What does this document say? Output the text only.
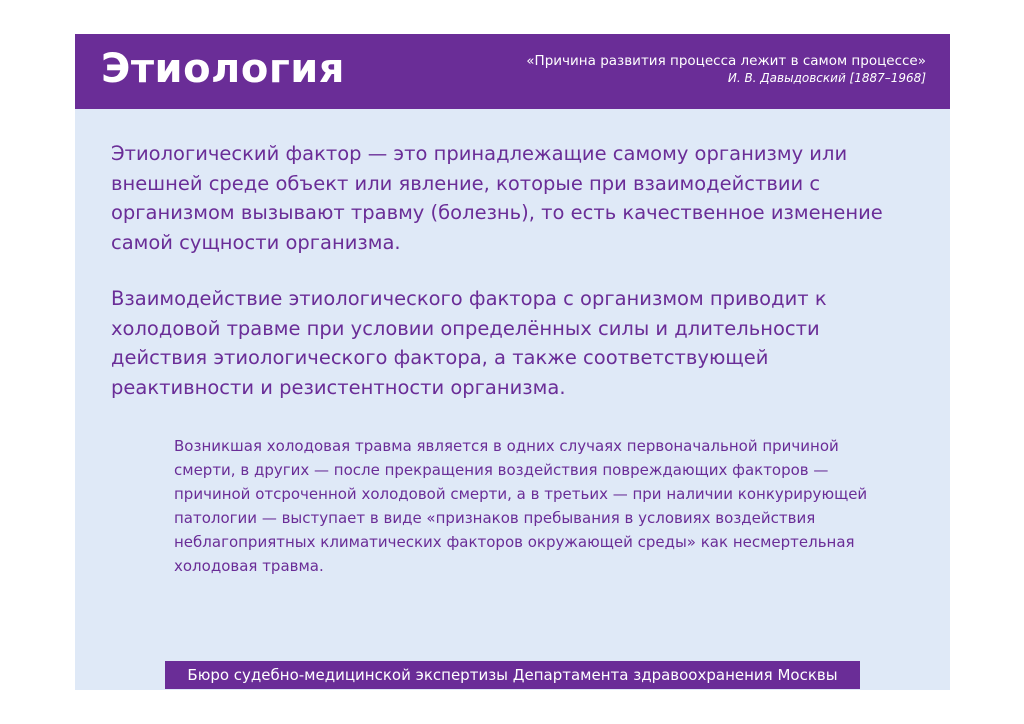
Этиология	«Причина развития процесса лежит в самом процессе»
И. В. Давыдовский [1887–1968]

Этиологический фактор — это принадлежащие самому организму или внешней среде объект или явление, которые при взаимодействии с организмом вызывают травму (болезнь), то есть качественное изменение самой сущности организма.

Взаимодействие этиологического фактора с организмом приводит к холодовой травме при условии определённых силы и длительности действия этиологического фактора, а также соответствующей реактивности и резистентности организма.

Возникшая холодовая травма является в одних случаях первоначальной причиной смерти, в других — после прекращения воздействия повреждающих факторов — причиной отсроченной холодовой смерти, а в третьих — при наличии конкурирующей патологии — выступает в виде «признаков пребывания в условиях воздействия неблагоприятных климатических факторов окружающей среды» как несмертельная холодовая травма.

Бюро судебно-медицинской экспертизы Департамента здравоохранения Москвы
